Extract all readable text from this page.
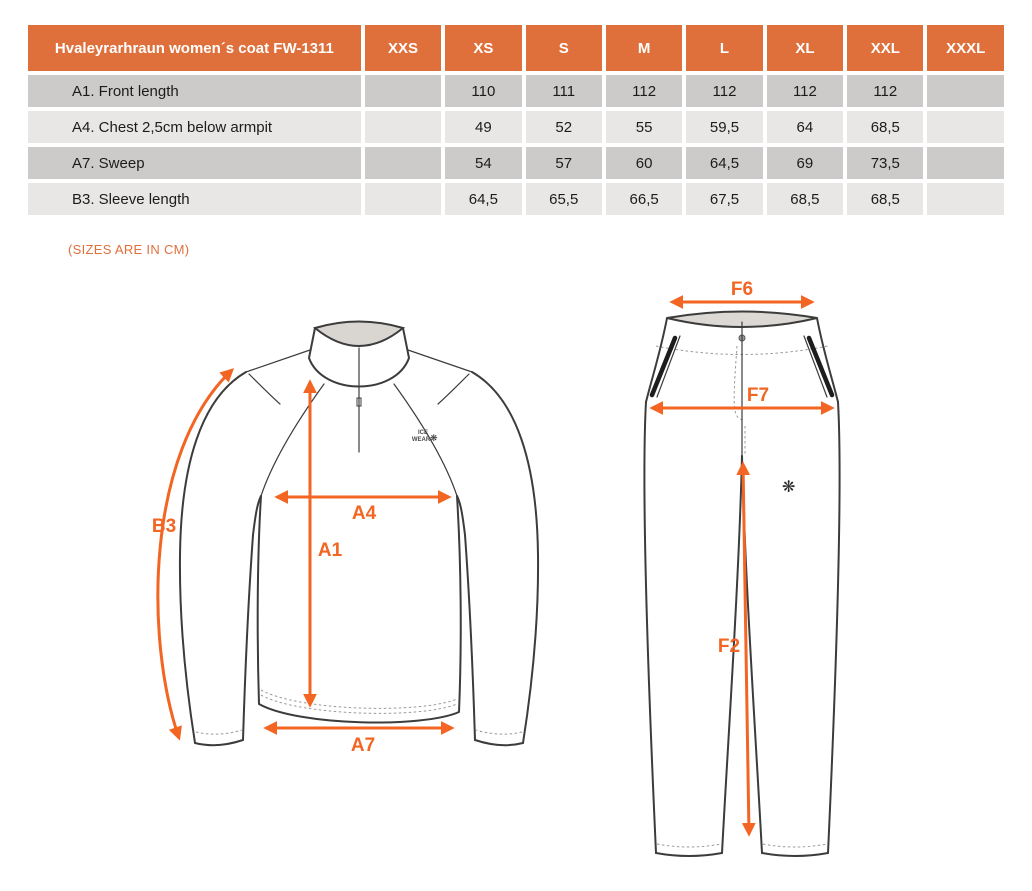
Hvaleyrarhraun women´s coat FW-1311	XXS	XS	S	M	L	XL	XXL	XXXL
A1. Front length		110	111	112	112	112	112	
A4. Chest 2,5cm below armpit		49	52	55	59,5	64	68,5	
A7. Sweep		54	57	60	64,5	69	73,5	
B3. Sleeve length		64,5	65,5	66,5	67,5	68,5	68,5	
(SIZES ARE IN CM)
ICE
WEAR ❋
B3
A4
A1
A7
❋
F6
F7
F2
